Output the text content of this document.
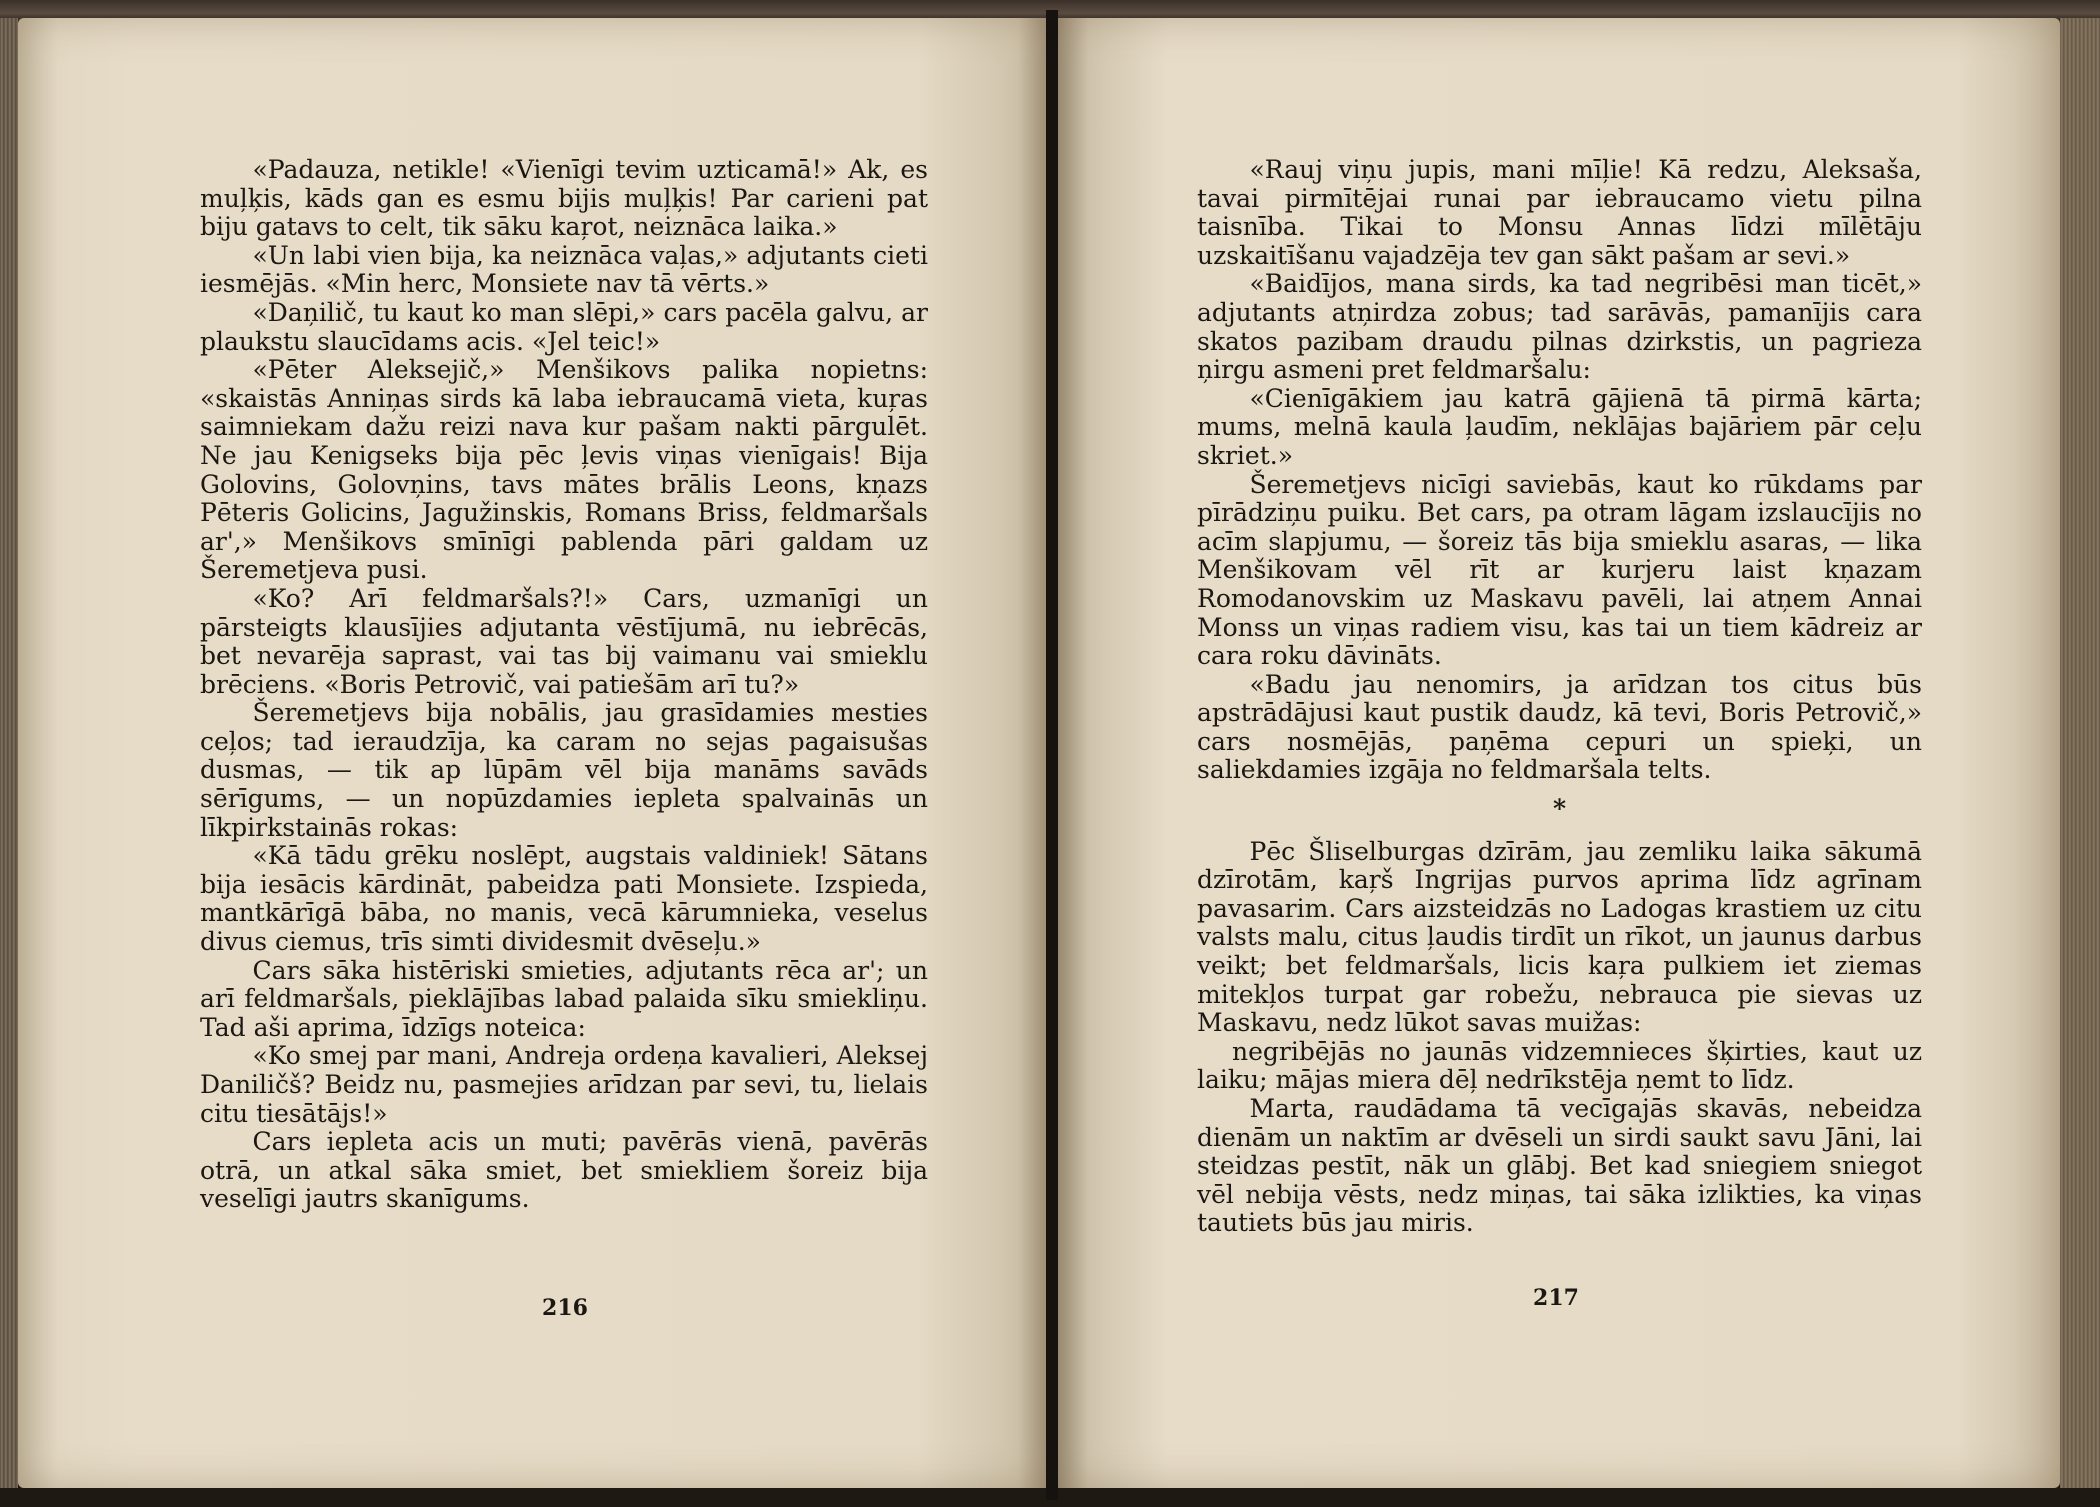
«Padauza, netikle! «Vienīgi tevim uzticamā!» Ak, es muļķis, kāds gan es esmu bijis muļķis! Par carieni pat biju gatavs to celt, tik sāku kaŗot, neiznāca laika.»

«Un labi vien bija, ka neiznāca vaļas,» adjutants cieti iesmējās. «Min herc, Monsiete nav tā vērts.»

«Daņilič, tu kaut ko man slēpi,» cars pacēla galvu, ar plaukstu slaucīdams acis. «Jel teic!»

«Pēter Aleksejič,» Menšikovs palika nopietns: «skaistās Anniņas sirds kā laba iebraucamā vieta, kuŗas saimniekam dažu reizi nava kur pašam nakti pārgulēt. Ne jau Kenigseks bija pēc ļevis viņas vienīgais! Bija Golovins, Golovņins, tavs mātes brālis Leons, kņazs Pēteris Golicins, Jagužinskis, Romans Briss, feldmaršals ar',» Menšikovs smīnīgi pablenda pāri galdam uz Šeremetjeva pusi.

«Ko? Arī feldmaršals?!» Cars, uzmanīgi un pārsteigts klausījies adjutanta vēstījumā, nu iebrēcās, bet nevarēja saprast, vai tas bij vaimanu vai smieklu brēciens. «Boris Petrovič, vai patiešām arī tu?»

Šeremetjevs bija nobālis, jau grasīdamies mesties ceļos; tad ieraudzīja, ka caram no sejas pagaisušas dusmas, — tik ap lūpām vēl bija manāms savāds sērīgums, — un nopūzdamies iepleta spalvainās un līkpirkstainās rokas:

«Kā tādu grēku noslēpt, augstais valdiniek! Sātans bija iesācis kārdināt, pabeidza pati Monsiete. Izspieda, mantkārīgā bāba, no manis, vecā kārumnieka, veselus divus ciemus, trīs simti dividesmit dvēseļu.»

Cars sāka histēriski smieties, adjutants rēca ar'; un arī feldmaršals, pieklājības labad palaida sīku smiekliņu. Tad aši aprima, īdzīgs noteica:

«Ko smej par mani, Andreja ordeņa kavalieri, Aleksej Daniličš? Beidz nu, pasmejies arīdzan par sevi, tu, lielais citu tiesātājs!»

Cars iepleta acis un muti; pavērās vienā, pavērās otrā, un atkal sāka smiet, bet smiekliem šoreiz bija veselīgi jautrs skanīgums.

216

«Rauj viņu jupis, mani mīļie! Kā redzu, Aleksaša, tavai pirmītējai runai par iebraucamo vietu pilna taisnība. Tikai to Monsu Annas līdzi mīlētāju uzskaitīšanu vajadzēja tev gan sākt pašam ar sevi.»

«Baidījos, mana sirds, ka tad negribēsi man ticēt,» adjutants atņirdza zobus; tad sarāvās, pamanījis cara skatos pazibam draudu pilnas dzirkstis, un pagrieza ņirgu asmeni pret feldmaršalu:

«Cienīgākiem jau katrā gājienā tā pirmā kārta; mums, melnā kaula ļaudīm, neklājas bajāriem pār ceļu skriet.»

Šeremetjevs nicīgi saviebās, kaut ko rūkdams par pīrādziņu puiku. Bet cars, pa otram lāgam izslaucījis no acīm slapjumu, — šoreiz tās bija smieklu asaras, — lika Menšikovam vēl rīt ar kurjeru laist kņazam Romodanovskim uz Maskavu pavēli, lai atņem Annai Monss un viņas radiem visu, kas tai un tiem kādreiz ar cara roku dāvināts.

«Badu jau nenomirs, ja arīdzan tos citus būs apstrādājusi kaut pustik daudz, kā tevi, Boris Petrovič,» cars nosmējās, paņēma cepuri un spieķi, un saliekdamies izgāja no feldmaršala telts.

*

Pēc Šliselburgas dzīrām, jau zemliku laika sākumā dzīrotām, kaŗš Ingrijas purvos aprima līdz agrīnam pavasarim. Cars aizsteidzās no Ladogas krastiem uz citu valsts malu, citus ļaudis tirdīt un rīkot, un jaunus darbus veikt; bet feldmaršals, licis kaŗa pulkiem iet ziemas mitekļos turpat gar robežu, nebrauca pie sievas uz Maskavu, nedz lūkot savas muižas:

negribējās no jaunās vidzemnieces šķirties, kaut uz laiku; mājas miera dēļ nedrīkstēja ņemt to līdz.

Marta, raudādama tā vecīgajās skavās, nebeidza dienām un naktīm ar dvēseli un sirdi saukt savu Jāni, lai steidzas pestīt, nāk un glābj. Bet kad sniegiem sniegot vēl nebija vēsts, nedz miņas, tai sāka izlikties, ka viņas tautiets būs jau miris.

217
